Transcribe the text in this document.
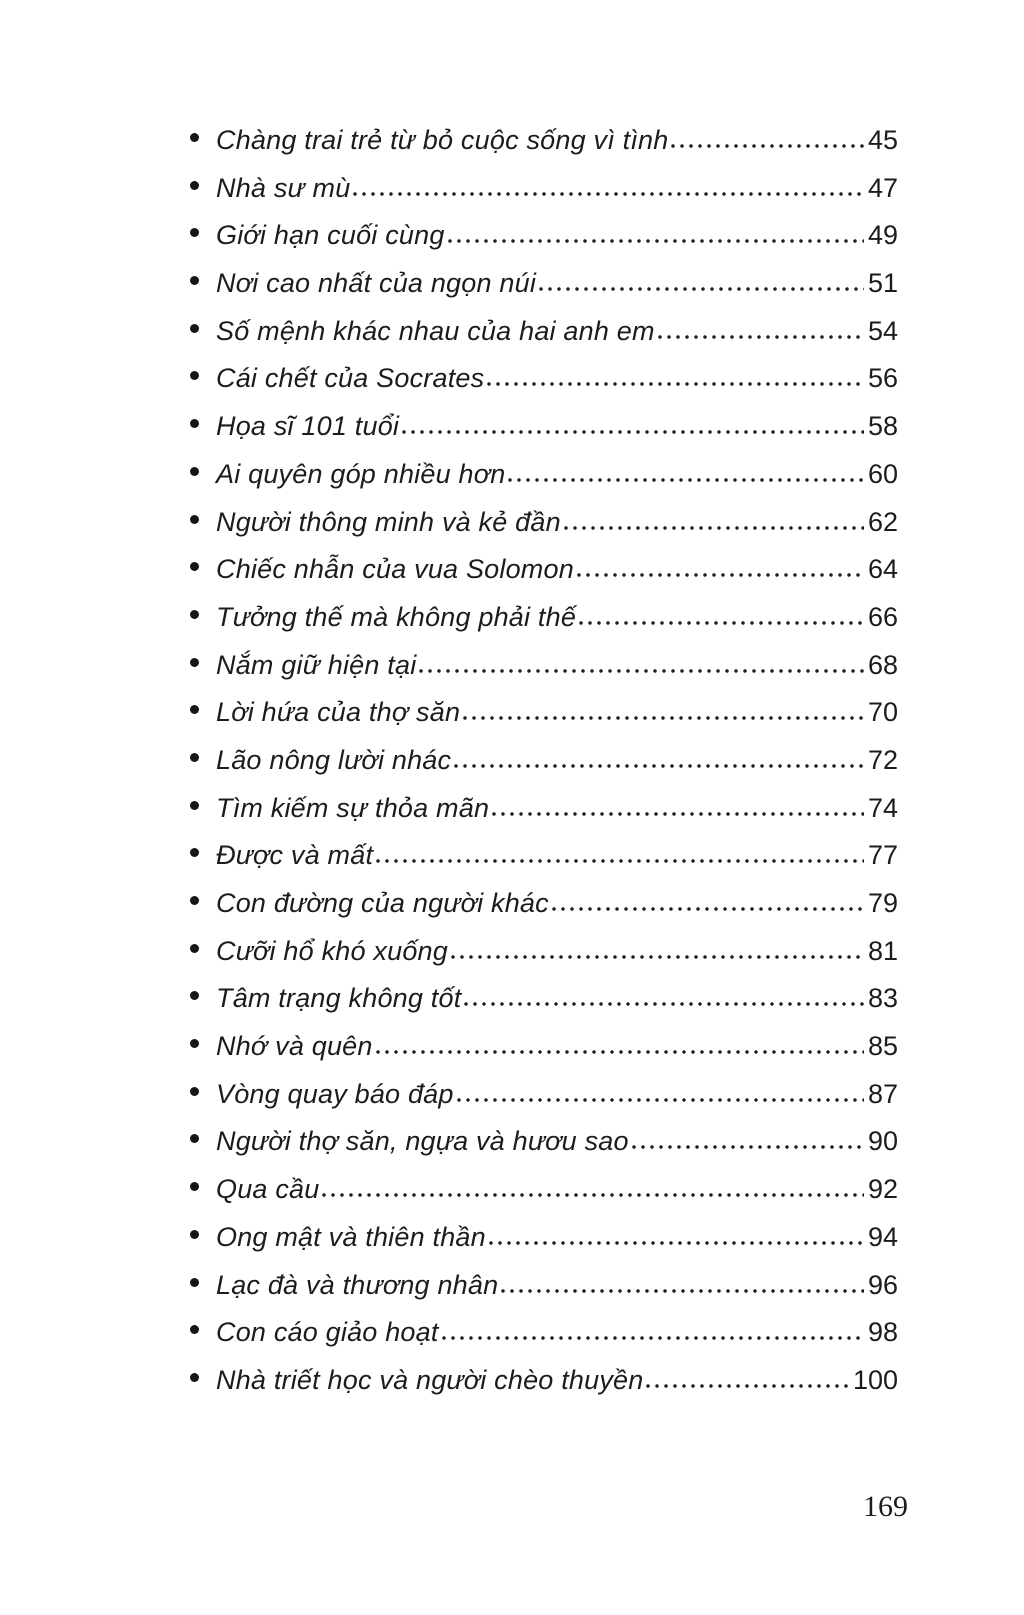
Chàng trai trẻ từ bỏ cuộc sống vì tình	45
Nhà sư mù	47
Giới hạn cuối cùng	49
Nơi cao nhất của ngọn núi	51
Số mệnh khác nhau của hai anh em	54
Cái chết của Socrates	56
Họa sĩ 101 tuổi	58
Ai quyên góp nhiều hơn	60
Người thông minh và kẻ đần	62
Chiếc nhẫn của vua Solomon	64
Tưởng thế mà không phải thế	66
Nắm giữ hiện tại	68
Lời hứa của thợ săn	70
Lão nông lười nhác	72
Tìm kiếm sự thỏa mãn	74
Được và mất	77
Con đường của người khác	79
Cưỡi hổ khó xuống	81
Tâm trạng không tốt	83
Nhớ và quên	85
Vòng quay báo đáp	87
Người thợ săn, ngựa và hươu sao	90
Qua cầu	92
Ong mật và thiên thần	94
Lạc đà và thương nhân	96
Con cáo giảo hoạt	98
Nhà triết học và người chèo thuyền	100
169
